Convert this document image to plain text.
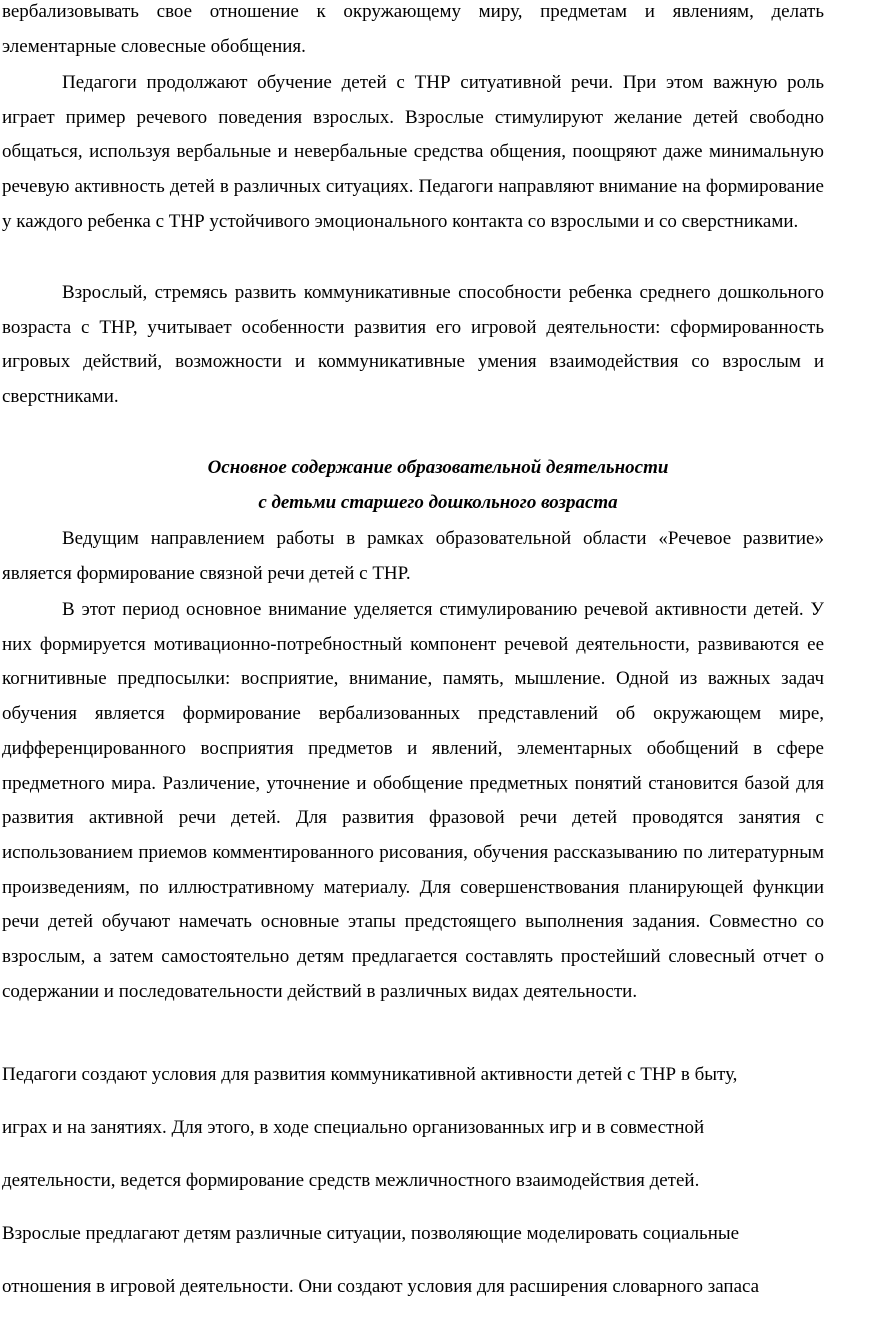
вербализовывать свое отношение к окружающему миру, предметам и явлениям, делать элементарные словесные обобщения.

Педагоги продолжают обучение детей с ТНР ситуативной речи. При этом важную роль играет пример речевого поведения взрослых. Взрослые стимулируют желание детей свободно общаться, используя вербальные и невербальные средства общения, поощряют даже минимальную речевую активность детей в различных ситуациях. Педагоги направляют внимание на формирование у каждого ребенка с ТНР устойчивого эмоционального контакта со взрослыми и со сверстниками.

Взрослый, стремясь развить коммуникативные способности ребенка среднего дошкольного возраста с ТНР, учитывает особенности развития его игровой деятельности: сформированность игровых действий, возможности и коммуникативные умения взаимодействия со взрослым и сверстниками.

Основное содержание образовательной деятельности

с детьми старшего дошкольного возраста

Ведущим направлением работы в рамках образовательной области «Речевое развитие» является формирование связной речи детей с ТНР.

В этот период основное внимание уделяется стимулированию речевой активности детей. У них формируется мотивационно-потребностный компонент речевой деятельности, развиваются ее когнитивные предпосылки: восприятие, внимание, память, мышление. Одной из важных задач обучения является формирование вербализованных представлений об окружающем мире, дифференцированного восприятия предметов и явлений, элементарных обобщений в сфере предметного мира. Различение, уточнение и обобщение предметных понятий становится базой для развития активной речи детей. Для развития фразовой речи детей проводятся занятия с использованием приемов комментированного рисования, обучения рассказыванию по литературным произведениям, по иллюстративному материалу. Для совершенствования планирующей функции речи детей обучают намечать основные этапы предстоящего выполнения задания. Совместно со взрослым, а затем самостоятельно детям предлагается составлять простейший словесный отчет о содержании и последовательности действий в различных видах деятельности.

Педагоги создают условия для развития коммуникативной активности детей с ТНР в быту,

играх и на занятиях. Для этого, в ходе специально организованных игр и в совместной

деятельности, ведется формирование средств межличностного взаимодействия детей.

Взрослые предлагают детям различные ситуации, позволяющие моделировать социальные

отношения в игровой деятельности. Они создают условия для расширения словарного запаса
